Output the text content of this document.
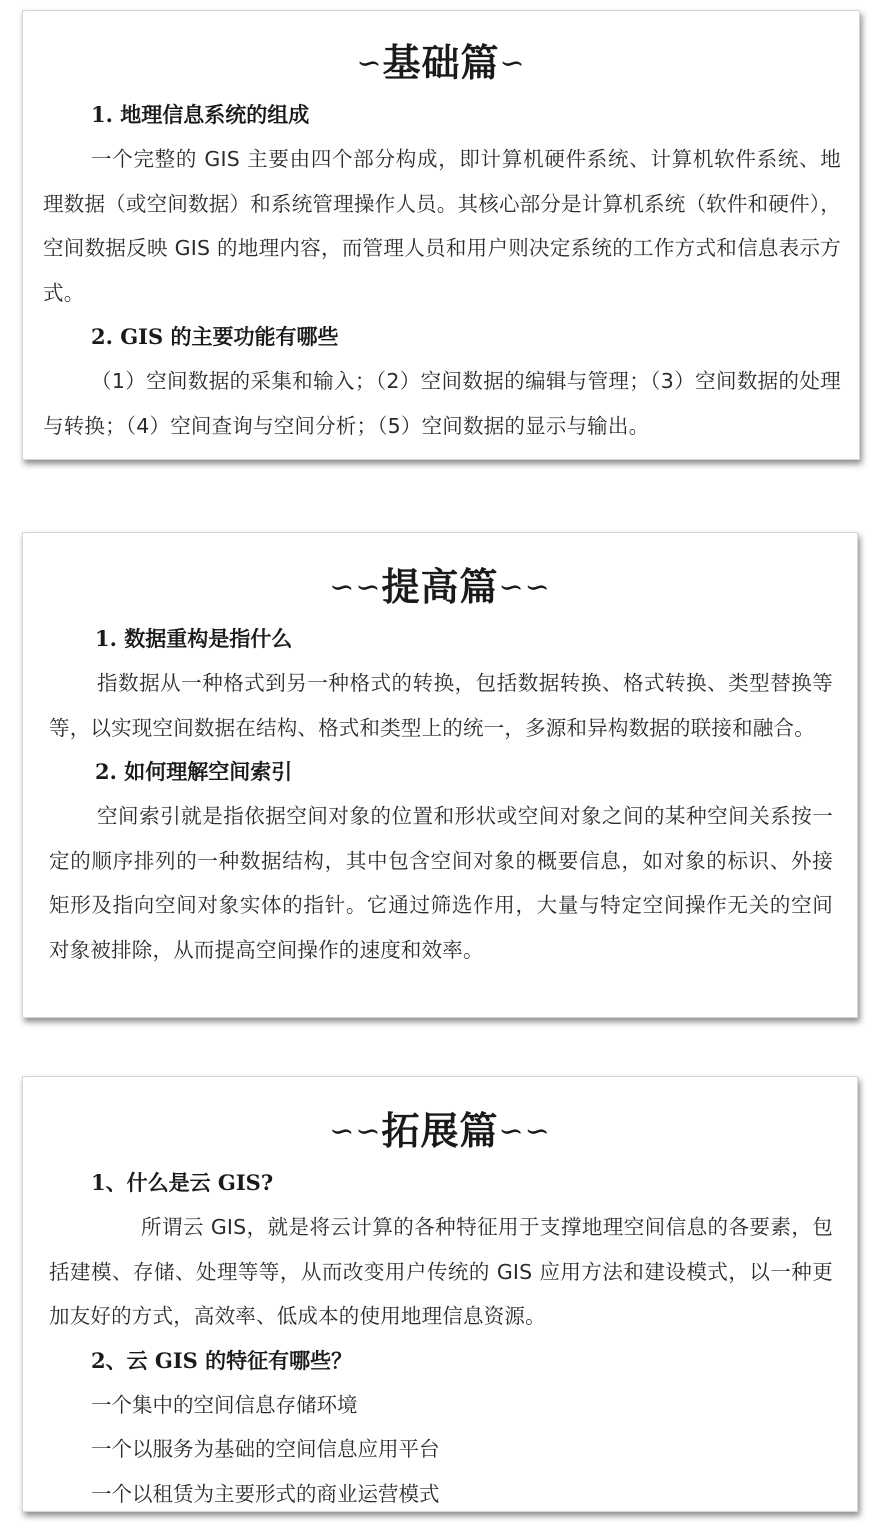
∽基础篇∽
1. 地理信息系统的组成
一个完整的 GIS 主要由四个部分构成，即计算机硬件系统、计算机软件系统、地理数据（或空间数据）和系统管理操作人员。其核心部分是计算机系统（软件和硬件），空间数据反映 GIS 的地理内容，而管理人员和用户则决定系统的工作方式和信息表示方式。
2. GIS 的主要功能有哪些
（1）空间数据的采集和输入；（2）空间数据的编辑与管理；（3）空间数据的处理与转换；（4）空间查询与空间分析；（5）空间数据的显示与输出。
∽∽提高篇∽∽
1. 数据重构是指什么
指数据从一种格式到另一种格式的转换，包括数据转换、格式转换、类型替换等等，以实现空间数据在结构、格式和类型上的统一，多源和异构数据的联接和融合。
2. 如何理解空间索引
空间索引就是指依据空间对象的位置和形状或空间对象之间的某种空间关系按一定的顺序排列的一种数据结构，其中包含空间对象的概要信息，如对象的标识、外接矩形及指向空间对象实体的指针。它通过筛选作用，大量与特定空间操作无关的空间对象被排除，从而提高空间操作的速度和效率。
∽∽拓展篇∽∽
1、什么是云 GIS?
所谓云 GIS，就是将云计算的各种特征用于支撑地理空间信息的各要素，包括建模、存储、处理等等，从而改变用户传统的 GIS 应用方法和建设模式，以一种更加友好的方式，高效率、低成本的使用地理信息资源。
2、云 GIS 的特征有哪些？
一个集中的空间信息存储环境
一个以服务为基础的空间信息应用平台
一个以租赁为主要形式的商业运营模式
